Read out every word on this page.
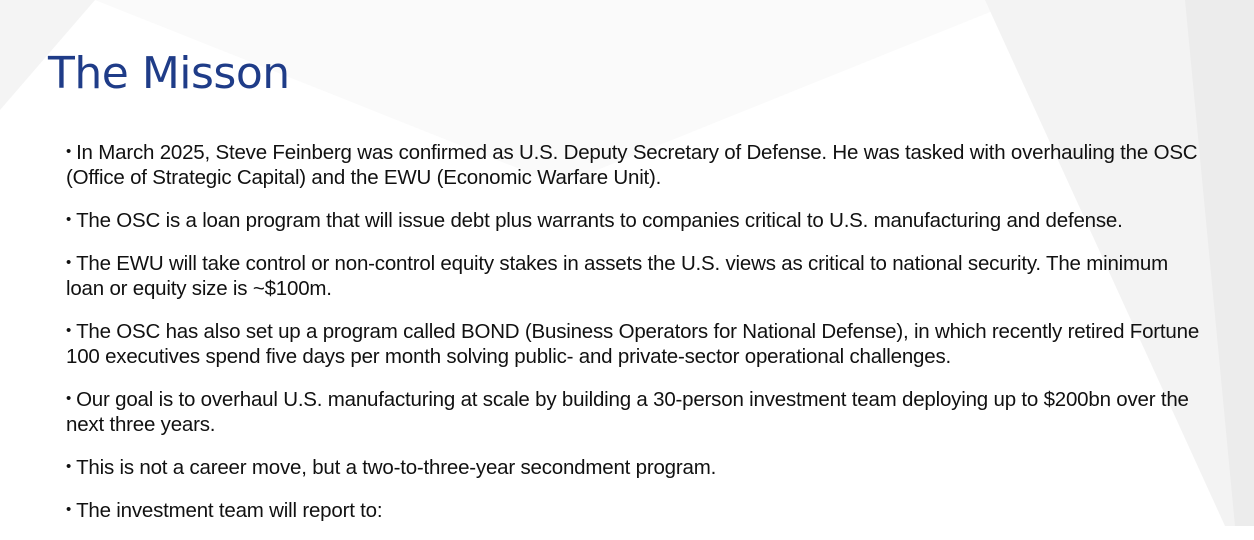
The Misson
• In March 2025, Steve Feinberg was confirmed as U.S. Deputy Secretary of Defense. He was tasked with overhauling the OSC (Office of Strategic Capital) and the EWU (Economic Warfare Unit).
• The OSC is a loan program that will issue debt plus warrants to companies critical to U.S. manufacturing and defense.
• The EWU will take control or non-control equity stakes in assets the U.S. views as critical to national security. The minimum loan or equity size is ~$100m.
• The OSC has also set up a program called BOND (Business Operators for National Defense), in which recently retired Fortune 100 executives spend five days per month solving public- and private-sector operational challenges.
• Our goal is to overhaul U.S. manufacturing at scale by building a 30-person investment team deploying up to $200bn over the next three years.
• This is not a career move, but a two-to-three-year secondment program.
• The investment team will report to:
